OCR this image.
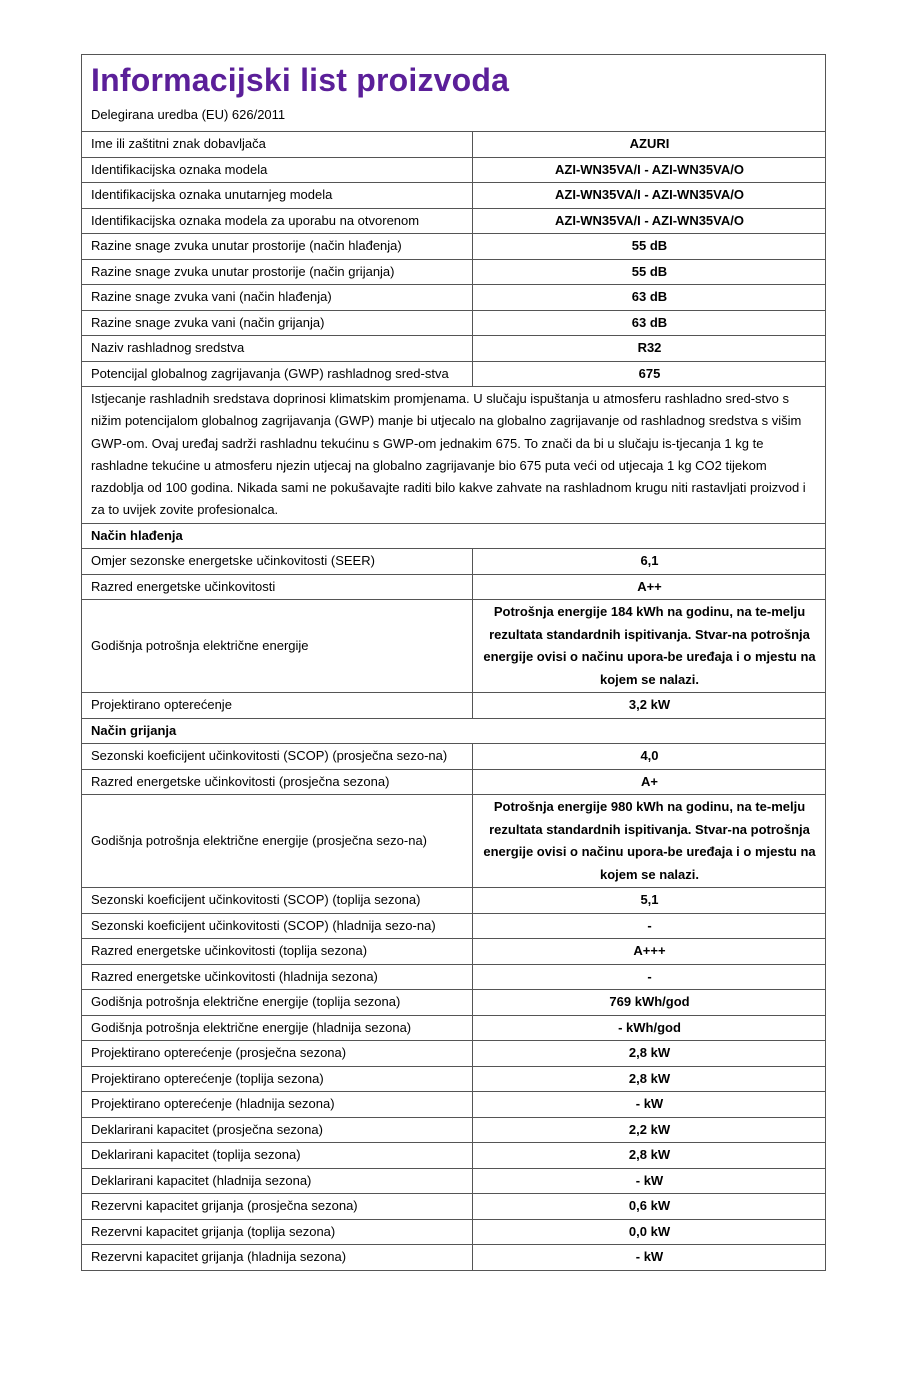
Informacijski list proizvoda
Delegirana uredba (EU) 626/2011
Ime ili zaštitni znak dobavljača	AZURI
Identifikacijska oznaka modela	AZI-WN35VA/I - AZI-WN35VA/O
Identifikacijska oznaka unutarnjeg modela	AZI-WN35VA/I - AZI-WN35VA/O
Identifikacijska oznaka modela za uporabu na otvorenom	AZI-WN35VA/I - AZI-WN35VA/O
Razine snage zvuka unutar prostorije (način hlađenja)	55 dB
Razine snage zvuka unutar prostorije (način grijanja)	55 dB
Razine snage zvuka vani (način hlađenja)	63 dB
Razine snage zvuka vani (način grijanja)	63 dB
Naziv rashladnog sredstva	R32
Potencijal globalnog zagrijavanja (GWP) rashladnog sred-stva	675
Istjecanje rashladnih sredstava doprinosi klimatskim promjenama. U slučaju ispuštanja u atmosferu rashladno sred-stvo s nižim potencijalom globalnog zagrijavanja (GWP) manje bi utjecalo na globalno zagrijavanje od rashladnog sredstva s višim GWP-om. Ovaj uređaj sadrži rashladnu tekućinu s GWP-om jednakim 675. To znači da bi u slučaju is-tjecanja 1 kg te rashladne tekućine u atmosferu njezin utjecaj na globalno zagrijavanje bio 675 puta veći od utjecaja 1 kg CO2 tijekom razdoblja od 100 godina. Nikada sami ne pokušavajte raditi bilo kakve zahvate na rashladnom krugu niti rastavljati proizvod i za to uvijek zovite profesionalca.	
Način hlađenja	
Omjer sezonske energetske učinkovitosti (SEER)	6,1
Razred energetske učinkovitosti	A++
Godišnja potrošnja električne energije	Potrošnja energije 184 kWh na godinu, na te-melju rezultata standardnih ispitivanja. Stvar-na potrošnja energije ovisi o načinu upora-be uređaja i o mjestu na kojem se nalazi.
Projektirano opterećenje	3,2 kW
Način grijanja	
Sezonski koeficijent učinkovitosti (SCOP) (prosječna sezo-na)	4,0
Razred energetske učinkovitosti (prosječna sezona)	A+
Godišnja potrošnja električne energije (prosječna sezo-na)	Potrošnja energije 980 kWh na godinu, na te-melju rezultata standardnih ispitivanja. Stvar-na potrošnja energije ovisi o načinu upora-be uređaja i o mjestu na kojem se nalazi.
Sezonski koeficijent učinkovitosti (SCOP) (toplija sezona)	5,1
Sezonski koeficijent učinkovitosti (SCOP) (hladnija sezo-na)	-
Razred energetske učinkovitosti (toplija sezona)	A+++
Razred energetske učinkovitosti (hladnija sezona)	-
Godišnja potrošnja električne energije (toplija sezona)	769 kWh/god
Godišnja potrošnja električne energije (hladnija sezona)	- kWh/god
Projektirano opterećenje (prosječna sezona)	2,8 kW
Projektirano opterećenje (toplija sezona)	2,8 kW
Projektirano opterećenje (hladnija sezona)	- kW
Deklarirani kapacitet (prosječna sezona)	2,2 kW
Deklarirani kapacitet (toplija sezona)	2,8 kW
Deklarirani kapacitet (hladnija sezona)	- kW
Rezervni kapacitet grijanja (prosječna sezona)	0,6 kW
Rezervni kapacitet grijanja (toplija sezona)	0,0 kW
Rezervni kapacitet grijanja (hladnija sezona)	- kW
